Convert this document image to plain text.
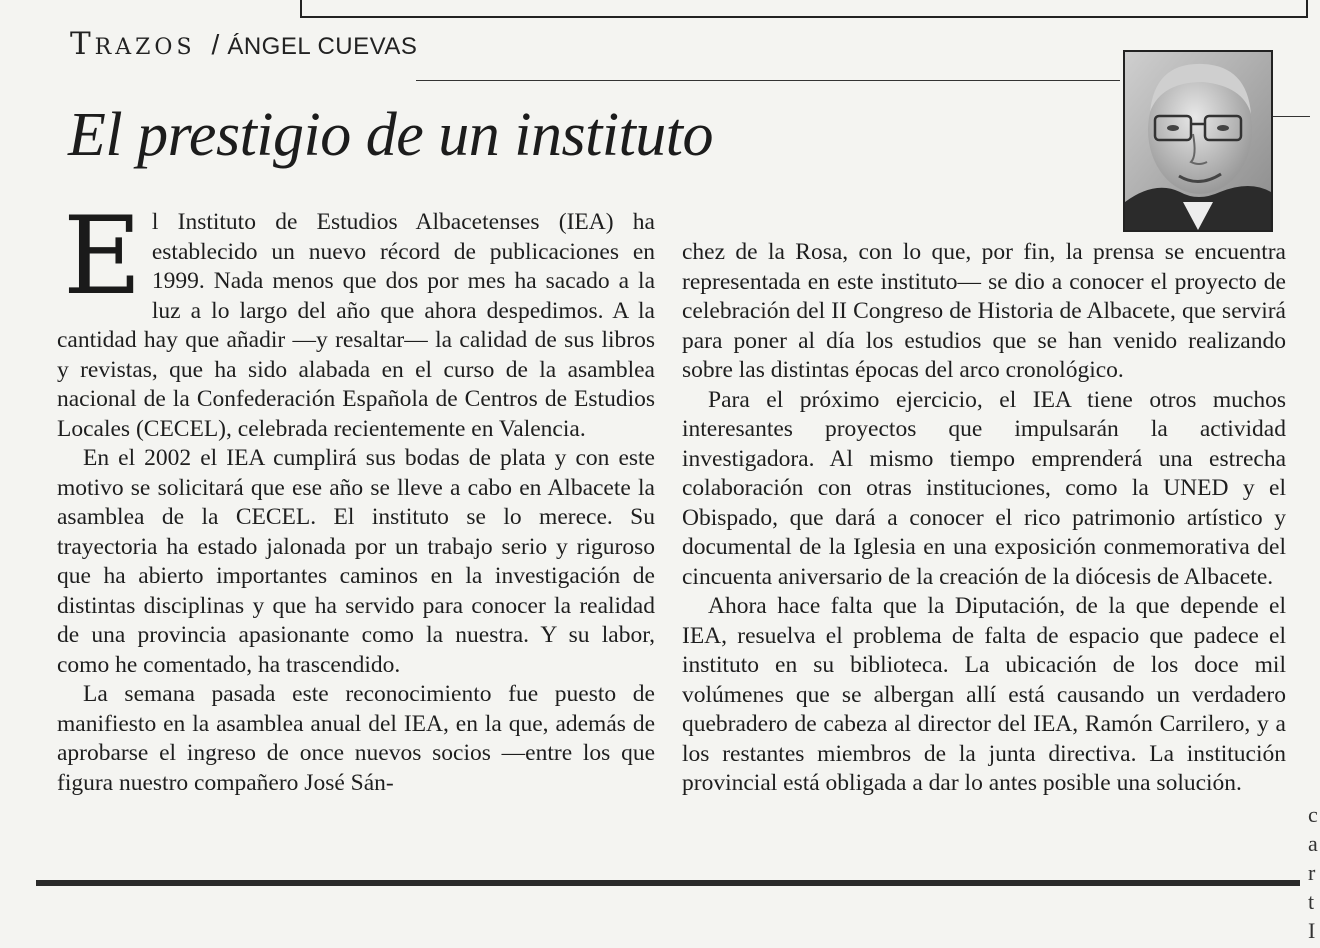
Trazos / ÁNGEL CUEVAS
El prestigio de un instituto

El Instituto de Estudios Albacetenses (IEA) ha establecido un nuevo récord de publicaciones en 1999. Nada menos que dos por mes ha sacado a la luz a lo largo del año que ahora despedimos. A la cantidad hay que añadir —y resaltar— la calidad de sus libros y revistas, que ha sido alabada en el curso de la asamblea nacional de la Confederación Española de Centros de Estudios Locales (CECEL), celebrada recientemente en Valencia.

En el 2002 el IEA cumplirá sus bodas de plata y con este motivo se solicitará que ese año se lleve a cabo en Albacete la asamblea de la CECEL. El instituto se lo merece. Su trayectoria ha estado jalonada por un trabajo serio y riguroso que ha abierto importantes caminos en la investigación de distintas disciplinas y que ha servido para conocer la realidad de una provincia apasionante como la nuestra. Y su labor, como he comentado, ha trascendido.

La semana pasada este reconocimiento fue puesto de manifiesto en la asamblea anual del IEA, en la que, además de aprobarse el ingreso de once nuevos socios —entre los que figura nuestro compañero José Sán-

chez de la Rosa, con lo que, por fin, la prensa se encuentra representada en este instituto— se dio a conocer el proyecto de celebración del II Congreso de Historia de Albacete, que servirá para poner al día los estudios que se han venido realizando sobre las distintas épocas del arco cronológico.

Para el próximo ejercicio, el IEA tiene otros muchos interesantes proyectos que impulsarán la actividad investigadora. Al mismo tiempo emprenderá una estrecha colaboración con otras instituciones, como la UNED y el Obispado, que dará a conocer el rico patrimonio artístico y documental de la Iglesia en una exposición conmemorativa del cincuenta aniversario de la creación de la diócesis de Albacete.

Ahora hace falta que la Diputación, de la que depende el IEA, resuelva el problema de falta de espacio que padece el instituto en su biblioteca. La ubicación de los doce mil volúmenes que se albergan allí está causando un verdadero quebradero de cabeza al director del IEA, Ramón Carrilero, y a los restantes miembros de la junta directiva. La institución provincial está obligada a dar lo antes posible una solución.

c
a
r
t
I
